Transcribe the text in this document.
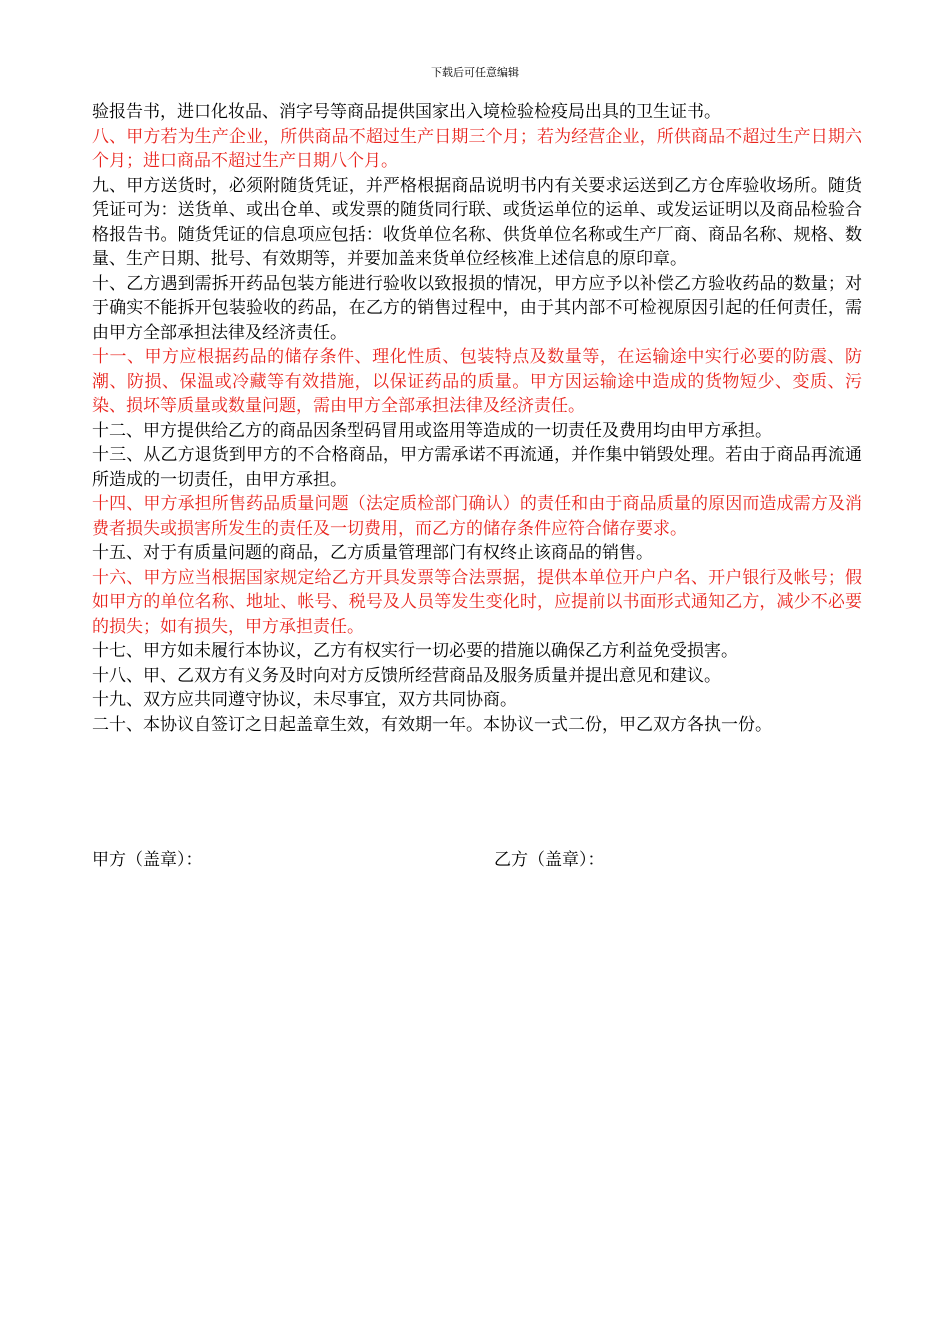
下载后可任意编辑

验报告书，进口化妆品、消字号等商品提供国家出入境检验检疫局出具的卫生证书。

八、甲方若为生产企业，所供商品不超过生产日期三个月；若为经营企业，所供商品不超过生产日期六个月；进口商品不超过生产日期八个月。

九、甲方送货时，必须附随货凭证，并严格根据商品说明书内有关要求运送到乙方仓库验收场所。随货凭证可为：送货单、或出仓单、或发票的随货同行联、或货运单位的运单、或发运证明以及商品检验合格报告书。随货凭证的信息项应包括：收货单位名称、供货单位名称或生产厂商、商品名称、规格、数量、生产日期、批号、有效期等，并要加盖来货单位经核准上述信息的原印章。

十、乙方遇到需拆开药品包装方能进行验收以致报损的情况，甲方应予以补偿乙方验收药品的数量；对于确实不能拆开包装验收的药品，在乙方的销售过程中，由于其内部不可检视原因引起的任何责任，需由甲方全部承担法律及经济责任。

十一、甲方应根据药品的储存条件、理化性质、包装特点及数量等，在运输途中实行必要的防震、防潮、防损、保温或冷藏等有效措施，以保证药品的质量。甲方因运输途中造成的货物短少、变质、污染、损坏等质量或数量问题，需由甲方全部承担法律及经济责任。

十二、甲方提供给乙方的商品因条型码冒用或盗用等造成的一切责任及费用均由甲方承担。

十三、从乙方退货到甲方的不合格商品，甲方需承诺不再流通，并作集中销毁处理。若由于商品再流通所造成的一切责任，由甲方承担。

十四、甲方承担所售药品质量问题（法定质检部门确认）的责任和由于商品质量的原因而造成需方及消费者损失或损害所发生的责任及一切费用，而乙方的储存条件应符合储存要求。

十五、对于有质量问题的商品，乙方质量管理部门有权终止该商品的销售。

十六、甲方应当根据国家规定给乙方开具发票等合法票据，提供本单位开户户名、开户银行及帐号；假如甲方的单位名称、地址、帐号、税号及人员等发生变化时，应提前以书面形式通知乙方，减少不必要的损失；如有损失，甲方承担责任。

十七、甲方如未履行本协议，乙方有权实行一切必要的措施以确保乙方利益免受损害。

十八、甲、乙双方有义务及时向对方反馈所经营商品及服务质量并提出意见和建议。

十九、双方应共同遵守协议，未尽事宜，双方共同协商。

二十、本协议自签订之日起盖章生效，有效期一年。本协议一式二份，甲乙双方各执一份。

甲方（盖章）：	乙方（盖章）：
